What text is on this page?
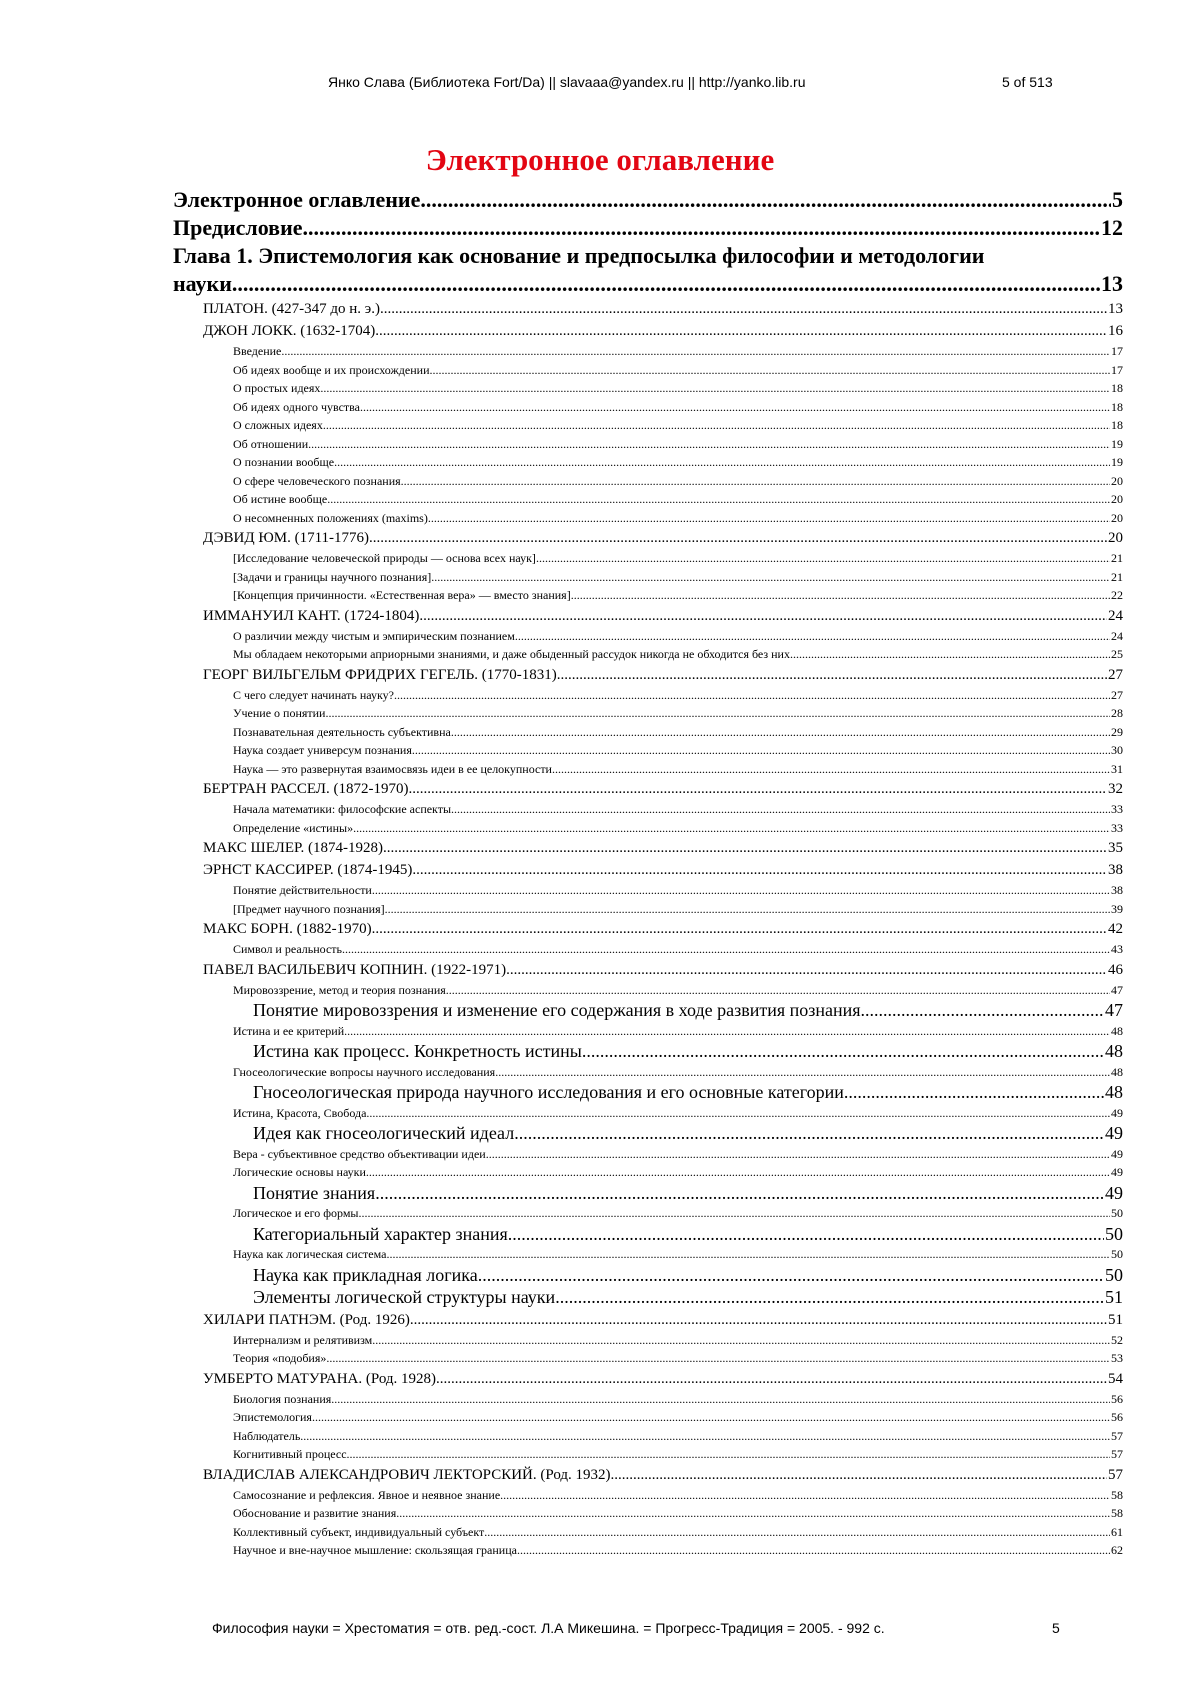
Янко Слава (Библиотека Fort/Da) || slavaaa@yandex.ru || http://yanko.lib.ru	5 of 513
Электронное оглавление
Электронное оглавление .....	5
Предисловие .....	12
Глава 1. Эпистемология как основание и предпосылка философии и методологии
науки .....	13
ПЛАТОН. (427-347 до н. э.) .....	13
ДЖОН ЛОКК. (1632-1704) .....	16
Введение .....	17
Об идеях вообще и их происхождении .....	17
О простых идеях .....	18
Об идеях одного чувства .....	18
О сложных идеях .....	18
Об отношении .....	19
О познании вообще .....	19
О сфере человеческого познания .....	20
Об истине вообще .....	20
О несомненных положениях (maxims) .....	20
ДЭВИД ЮМ. (1711-1776) .....	20
[Исследование человеческой природы — основа всех наук] .....	21
[Задачи и границы научного познания] .....	21
[Концепция причинности. «Естественная вера» — вместо знания] .....	22
ИММАНУИЛ КАНТ. (1724-1804) .....	24
О различии между чистым и эмпирическим познанием .....	24
Мы обладаем некоторыми априорными знаниями, и даже обыденный рассудок никогда не обходится без них .....	25
ГЕОРГ ВИЛЬГЕЛЬМ ФРИДРИХ ГЕГЕЛЬ. (1770-1831) .....	27
С чего следует начинать науку? .....	27
Учение о понятии .....	28
Познавательная деятельность субъективна .....	29
Наука создает универсум познания .....	30
Наука — это развернутая взаимосвязь идеи в ее целокупности .....	31
БЕРТРАН РАССЕЛ. (1872-1970) .....	32
Начала математики: философские аспекты .....	33
Определение «истины» .....	33
МАКС ШЕЛЕР. (1874-1928) .....	35
ЭРНСТ КАССИРЕР. (1874-1945) .....	38
Понятие действительности .....	38
[Предмет научного познания] .....	39
МАКС БОРН. (1882-1970) .....	42
Символ и реальность .....	43
ПАВЕЛ ВАСИЛЬЕВИЧ КОПНИН. (1922-1971) .....	46
Мировоззрение, метод и теория познания .....	47
Понятие мировоззрения и изменение его содержания в ходе развития познания .....	47
Истина и ее критерий .....	48
Истина как процесс. Конкретность истины .....	48
Гносеологические вопросы научного исследования .....	48
Гносеологическая природа научного исследования и его основные категории .....	48
Истина, Красота, Свобода .....	49
Идея как гносеологический идеал .....	49
Вера - субъективное средство объективации идеи .....	49
Логические основы науки .....	49
Понятие знания .....	49
Логическое и его формы .....	50
Категориальный характер знания .....	50
Наука как логическая система .....	50
Наука как прикладная логика .....	50
Элементы логической структуры науки .....	51
ХИЛАРИ ПАТНЭМ. (Род. 1926) .....	51
Интернализм и релятивизм .....	52
Теория «подобия» .....	53
УМБЕРТО МАТУРАНА. (Род. 1928) .....	54
Биология познания .....	56
Эпистемология .....	56
Наблюдатель .....	57
Когнитивный процесс .....	57
ВЛАДИСЛАВ АЛЕКСАНДРОВИЧ ЛЕКТОРСКИЙ. (Род. 1932) .....	57
Самосознание и рефлексия. Явное и неявное знание .....	58
Обоснование и развитие знания .....	58
Коллективный субъект, индивидуальный субъект .....	61
Научное и вне-научное мышление: скользящая граница .....	62
Философия науки = Хрестоматия = отв. ред.-сост. Л.А Микешина. = Прогресс-Традиция = 2005. - 992 с.	5
